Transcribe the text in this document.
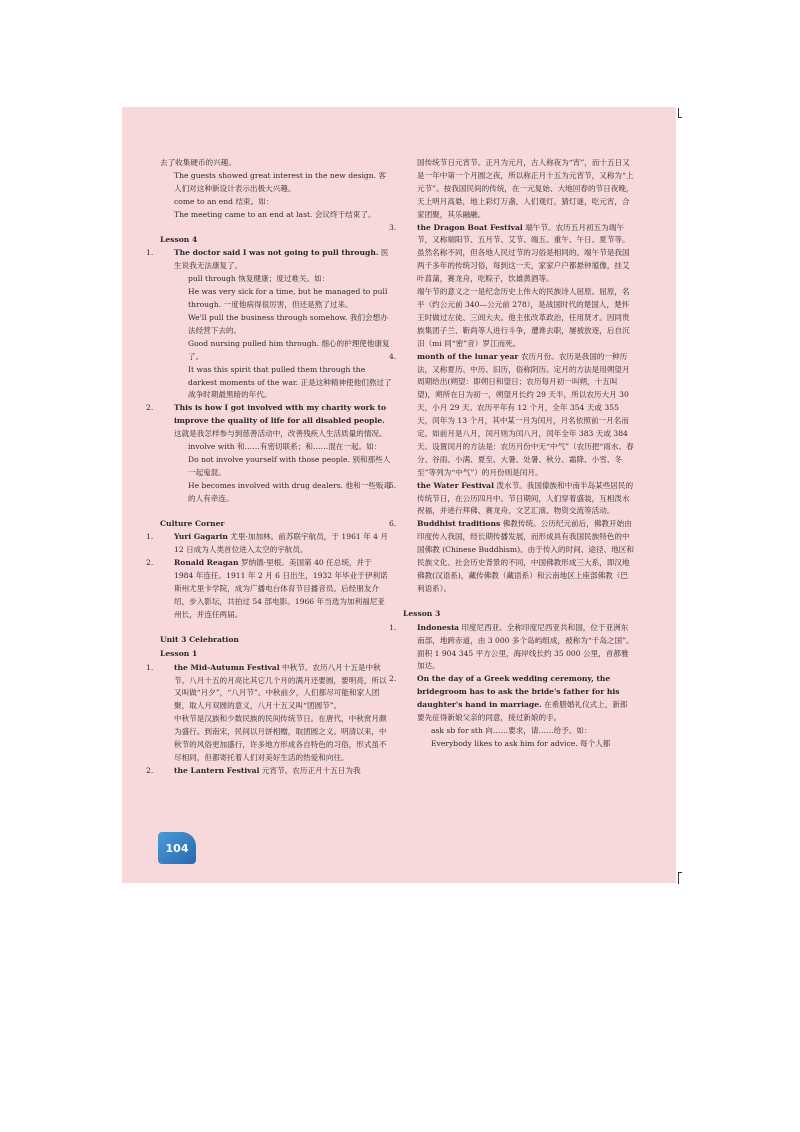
去了收集硬币的兴趣。

The guests showed great interest in the new design. 客人们对这种新设计表示出极大兴趣。

come to an end 结束。如：

The meeting came to an end at last. 会议终于结束了。

Lesson 4

1.	The doctor said I was not going to pull through. 医生说我无法康复了。

pull through 恢复健康；度过难关。如：

He was very sick for a time, but he managed to pull through. 一度他病得很厉害，但还是熬了过来。

We'll pull the business through somehow. 我们会想办法经营下去的。

Good nursing pulled him through. 细心的护理使他康复了。

It was this spirit that pulled them through the darkest moments of the war. 正是这种精神使他们熬过了战争时期最黑暗的年代。

2.	This is how I got involved with my charity work to improve the quality of life for all disabled people. 这就是我怎样参与到慈善活动中，改善残疾人生活质量的情况。

involve with 和……有密切联系；和……混在一起。如：

Do not involve yourself with those people. 别和那些人一起鬼混。

He becomes involved with drug dealers. 他和一些贩毒的人有牵连。

Culture Corner

1.	Yuri Gagarin 尤里·加加林。前苏联宇航员，于 1961 年 4 月 12 日成为人类首位进入太空的宇航员。

2.	Ronald Reagan 罗纳德·里根。美国第 40 任总统，并于 1984 年连任。1911 年 2 月 6 日出生，1932 年毕业于伊利诺斯州尤里卡学院，成为广播电台体育节目播音员。后经朋友介绍，步入影坛，共拍过 54 部电影。1966 年当选为加利福尼亚州长，并连任两届。

Unit 3 Celebration

Lesson 1

1.	the Mid-Autumn Festival 中秋节。农历八月十五是中秋节。八月十五的月亮比其它几个月的满月还要圆，要明亮，所以又叫做“月夕”，“八月节”。中秋前夕，人们都尽可能和家人团聚，取人月双圆的意义，八月十五又叫“团圆节”。

中秋节是汉族和少数民族的民间传统节日。在唐代，中秋赏月颇为盛行。到南宋，民间以月饼相赠，取团圆之义。明清以来，中秋节的风俗更加盛行，许多地方形成各自特色的习俗，形式虽不尽相同，但都寄托着人们对美好生活的热爱和向往。

2.	the Lantern Festival 元宵节。农历正月十五日为我

国传统节日元宵节。正月为元月，古人称夜为“宵”，而十五日又是一年中第一个月圆之夜，所以称正月十五为元宵节，又称为“上元节”。按我国民间的传统，在一元复始、大地回春的节日夜晚，天上明月高悬，地上彩灯万盏，人们观灯，猜灯谜，吃元宵，合家团聚，其乐融融。

3.	the Dragon Boat Festival 端午节。农历五月初五为端午节，又称端阳节、五月节、艾节、端五、重午、午日、夏节等。虽然名称不同，但各地人民过节的习俗是相同的。端午节是我国两千多年的传统习俗，每到这一天，家家户户都悬钟馗像，挂艾叶菖蒲，赛龙舟，吃粽子，饮雄黄酒等。

端午节的意义之一是纪念历史上伟大的民族诗人屈原。屈原，名平（约公元前 340—公元前 278），是战国时代的楚国人，楚怀王时做过左徒、三闾大夫。他主张改革政治，任用贤才。因同贵族集团子兰、靳尚等人进行斗争，遭谗去职，屡被放逐，后自沉汨（mi 同“密”音）罗江而死。

4.	month of the lunar year 农历月份。农历是我国的一种历法，又称夏历、中历、旧历，俗称阴历。定月的方法是用朔望月周期给出(朔望：即朔日和望日；农历每月初一叫朔，十五叫望)，朔所在日为初一，朔望月长约 29 天半，所以农历大月 30 天，小月 29 天。农历平年有 12 个月，全年 354 天或 355 天，闰年为 13 个月，其中某一月为闰月，月名依照前一月名而定。如前月是八月，闰月则为闰八月，闰年全年 383 天或 384 天。设置闰月的方法是：农历月份中无“中气”（农历把“雨水、春分、谷雨、小满、夏至、大暑、处暑、秋分、霜降、小雪、冬至”等列为“中气”）的月份则是闰月。

5.	the Water Festival 泼水节。我国傣族和中南半岛某些居民的传统节日，在公历四月中。节日期间，人们穿着盛装，互相泼水祝福，并进行拜佛、赛龙舟、文艺汇演、物资交流等活动。

6.	Buddhist traditions 佛教传统。公历纪元前后，佛教开始由印度传入我国，经长期传播发展，而形成具有我国民族特色的中国佛教 (Chinese Buddhism)。由于传入的时间、途径、地区和民族文化、社会历史背景的不同，中国佛教形成三大系，即汉地佛教(汉语系)，藏传佛教（藏语系）和云南地区上座部佛教（巴利语系）。

Lesson 3

1.	Indonesia 印度尼西亚。全称印度尼西亚共和国，位于亚洲东南部，地跨赤道，由 3 000 多个岛屿组成，被称为“千岛之国”。面积 1 904 345 平方公里，海岸线长约 35 000 公里，首都雅加达。

2.	On the day of a Greek wedding ceremony, the bridegroom has to ask the bride's father for his daughter's hand in marriage. 在希腊婚礼仪式上，新郎要先征得新娘父亲的同意，接过新娘的手。

ask sb for sth 向……要求，请……给予。如：

Everybody likes to ask him for advice. 每个人都

104
